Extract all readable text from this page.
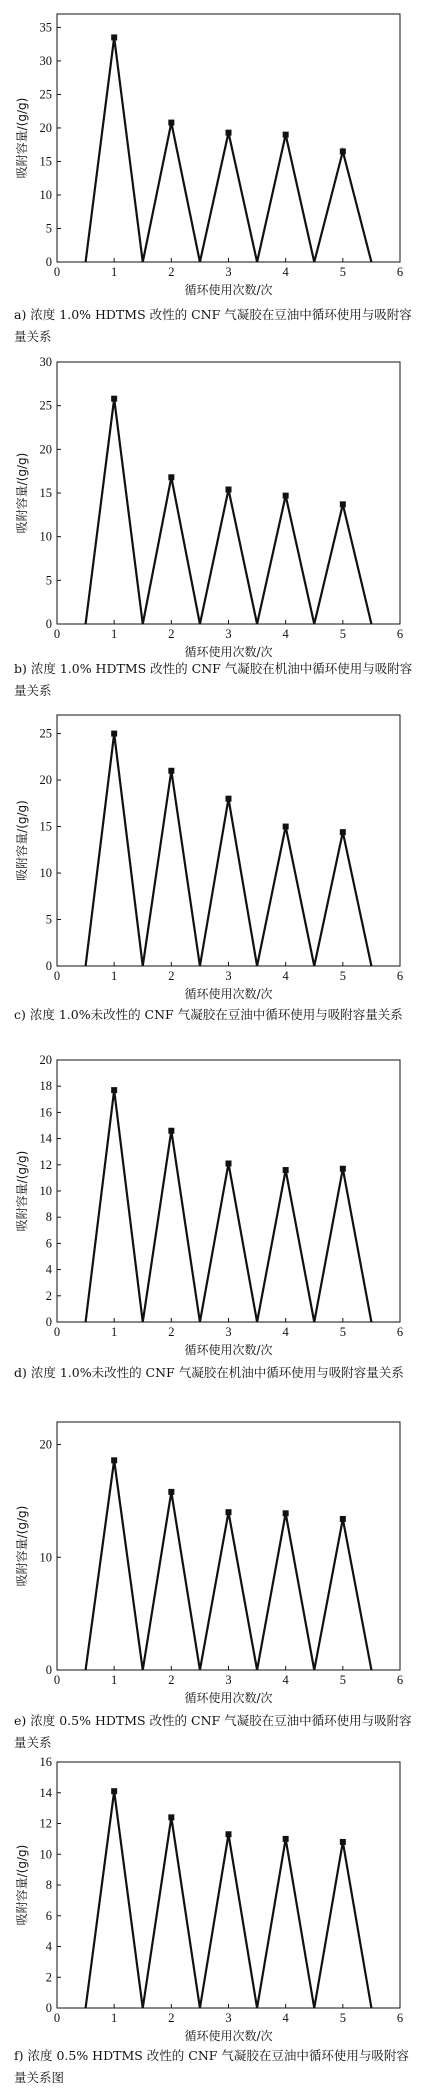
0	1	2	3	4	5	6
0
5
10
15
20
25
30
35
循环使用次数/次
吸附容量/(g/g)
a) 浓度 1.0% HDTMS 改性的 CNF 气凝胶在豆油中循环使用与吸附容量关系
0	1	2	3	4	5	6
0
5
10
15
20
25
30
循环使用次数/次
吸附容量/(g/g)
b) 浓度 1.0% HDTMS 改性的 CNF 气凝胶在机油中循环使用与吸附容量关系
0	1	2	3	4	5	6
0
5
10
15
20
25
循环使用次数/次
吸附容量/(g/g)
c) 浓度 1.0%未改性的 CNF 气凝胶在豆油中循环使用与吸附容量关系
0	1	2	3	4	5	6
0
2
4
6
8
10
12
14
16
18
20
循环使用次数/次
吸附容量/(g/g)
d) 浓度 1.0%未改性的 CNF 气凝胶在机油中循环使用与吸附容量关系
0	1	2	3	4	5	6
0
10
20
循环使用次数/次
吸附容量/(g/g)
e) 浓度 0.5% HDTMS 改性的 CNF 气凝胶在豆油中循环使用与吸附容量关系
0	1	2	3	4	5	6
0
2
4
6
8
10
12
14
16
循环使用次数/次
吸附容量/(g/g)
f) 浓度 0.5% HDTMS 改性的 CNF 气凝胶在豆油中循环使用与吸附容量关系图
